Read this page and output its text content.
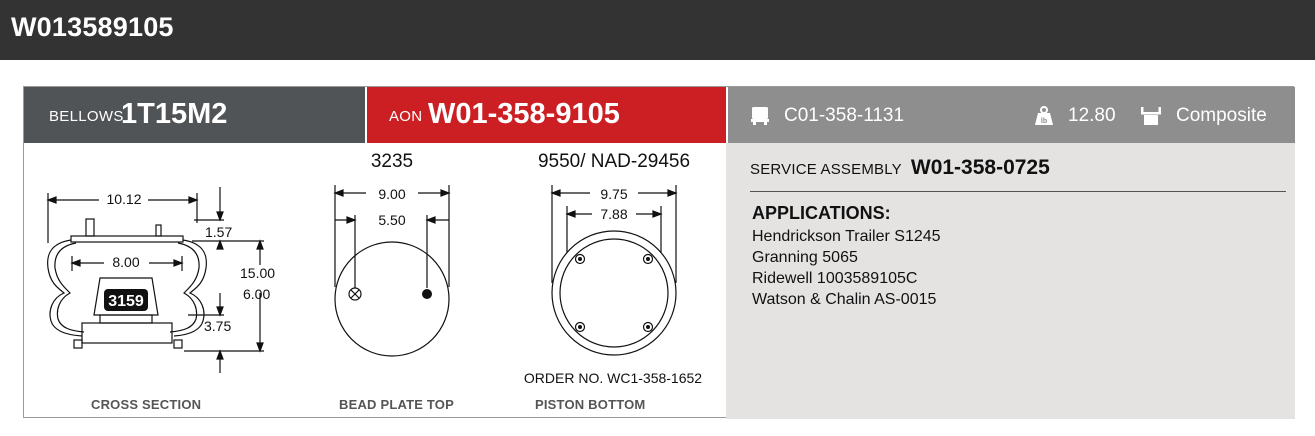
W013589105
BELLOWS
1T15M2	AON W01-358-9105	C01-358-1131	lb 12.80	Composite
3159
10.12
8.00
1.57
15.00
6.00
3.75
3235
9.00
5.50
9550/ NAD-29456
9.75
7.88
ORDER NO. WC1-358-1652
CROSS SECTION	BEAD PLATE TOP	PISTON BOTTOM
SERVICE ASSEMBLY W01-358-0725
APPLICATIONS:
Hendrickson Trailer S1245
Granning 5065
Ridewell 1003589105C
Watson & Chalin AS-0015
